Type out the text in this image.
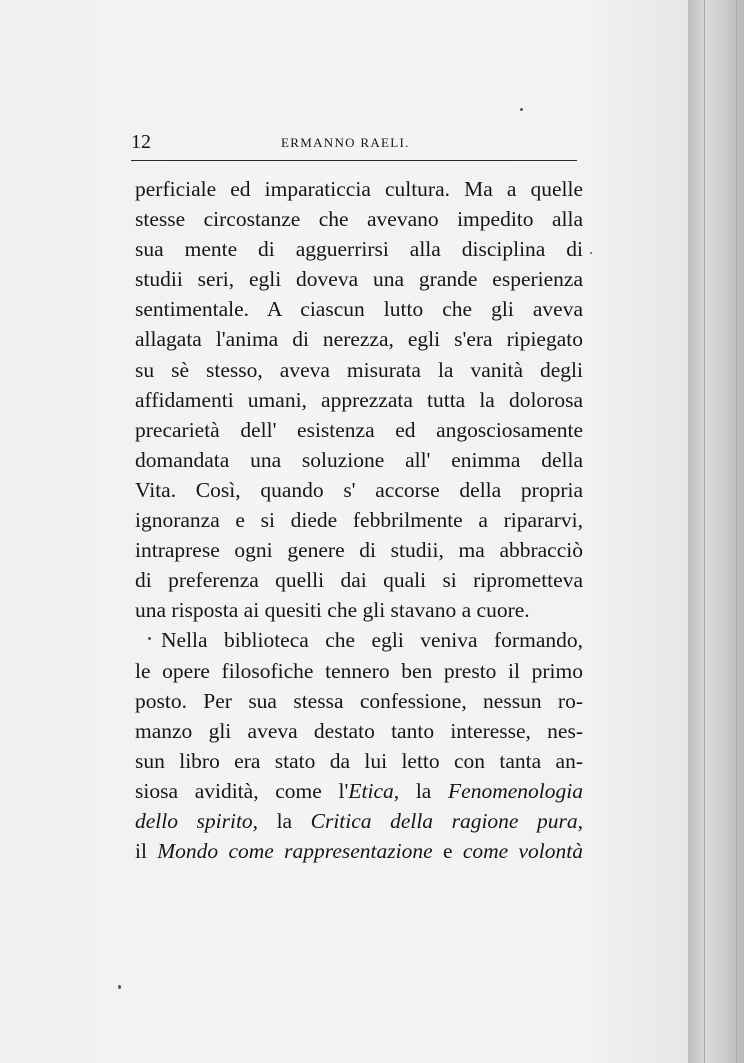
12	ERMANNO RAELI.
perficiale ed imparaticcia cultura. Ma a quelle
stesse circostanze che avevano impedito alla
sua mente di agguerrirsi alla disciplina di
studii seri, egli doveva una grande esperienza
sentimentale. A ciascun lutto che gli aveva
allagata l'anima di nerezza, egli s'era ripiegato
su sè stesso, aveva misurata la vanità degli
affidamenti umani, apprezzata tutta la dolorosa
precarietà dell' esistenza ed angosciosamente
domandata una soluzione all' enimma della
Vita. Così, quando s' accorse della propria
ignoranza e si diede febbrilmente a ripararvi,
intraprese ogni genere di studii, ma abbracciò
di preferenza quelli dai quali si riprometteva
una risposta ai quesiti che gli stavano a cuore.
Nella biblioteca che egli veniva formando,
le opere filosofiche tennero ben presto il primo
posto. Per sua stessa confessione, nessun ro-
manzo gli aveva destato tanto interesse, nes-
sun libro era stato da lui letto con tanta an-
siosa avidità, come l'Etica, la Fenomenologia
dello spirito, la Critica della ragione pura,
il Mondo come rappresentazione e come volontà
